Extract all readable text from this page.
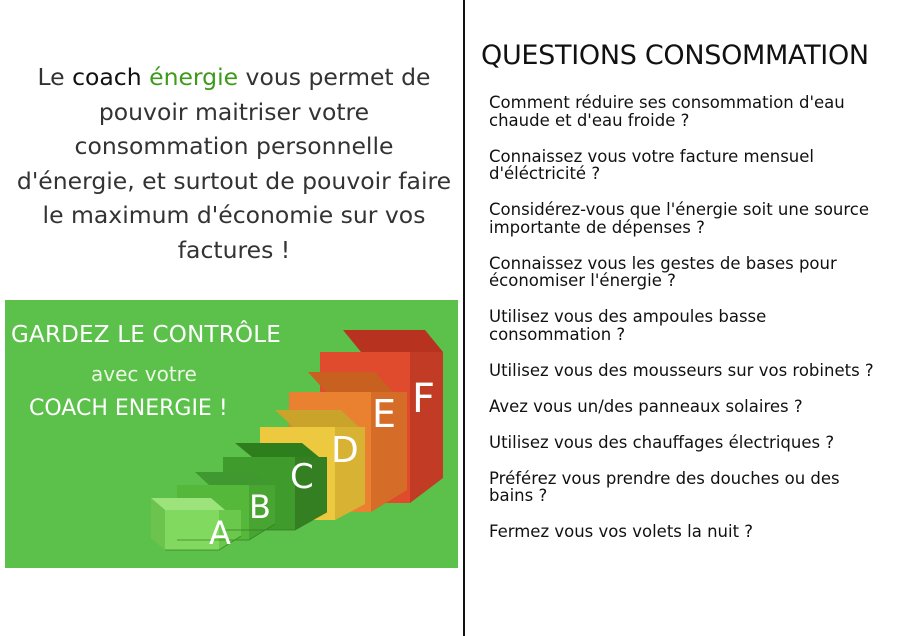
Le coach énergie vous permet de pouvoir maitriser votre consommation personnelle d'énergie, et surtout de pouvoir faire le maximum d'économie sur vos factures !

GARDEZ LE CONTRÔLE
avec votre
COACH ENERGIE !
A
B
C
D
E F
QUESTIONS CONSOMMATION
Comment réduire ses consommation d'eau chaude et d'eau froide ?
Connaissez vous votre facture mensuel d'éléctricité ?
Considérez-vous que l'énergie soit une source importante de dépenses ?
Connaissez vous les gestes de bases pour économiser l'énergie ?
Utilisez vous des ampoules basse consommation ?
Utilisez vous des mousseurs sur vos robinets ?
Avez vous un/des panneaux solaires ?
Utilisez vous des chauffages électriques ?
Préférez vous prendre des douches ou des bains ?
Fermez vous vos volets la nuit ?
